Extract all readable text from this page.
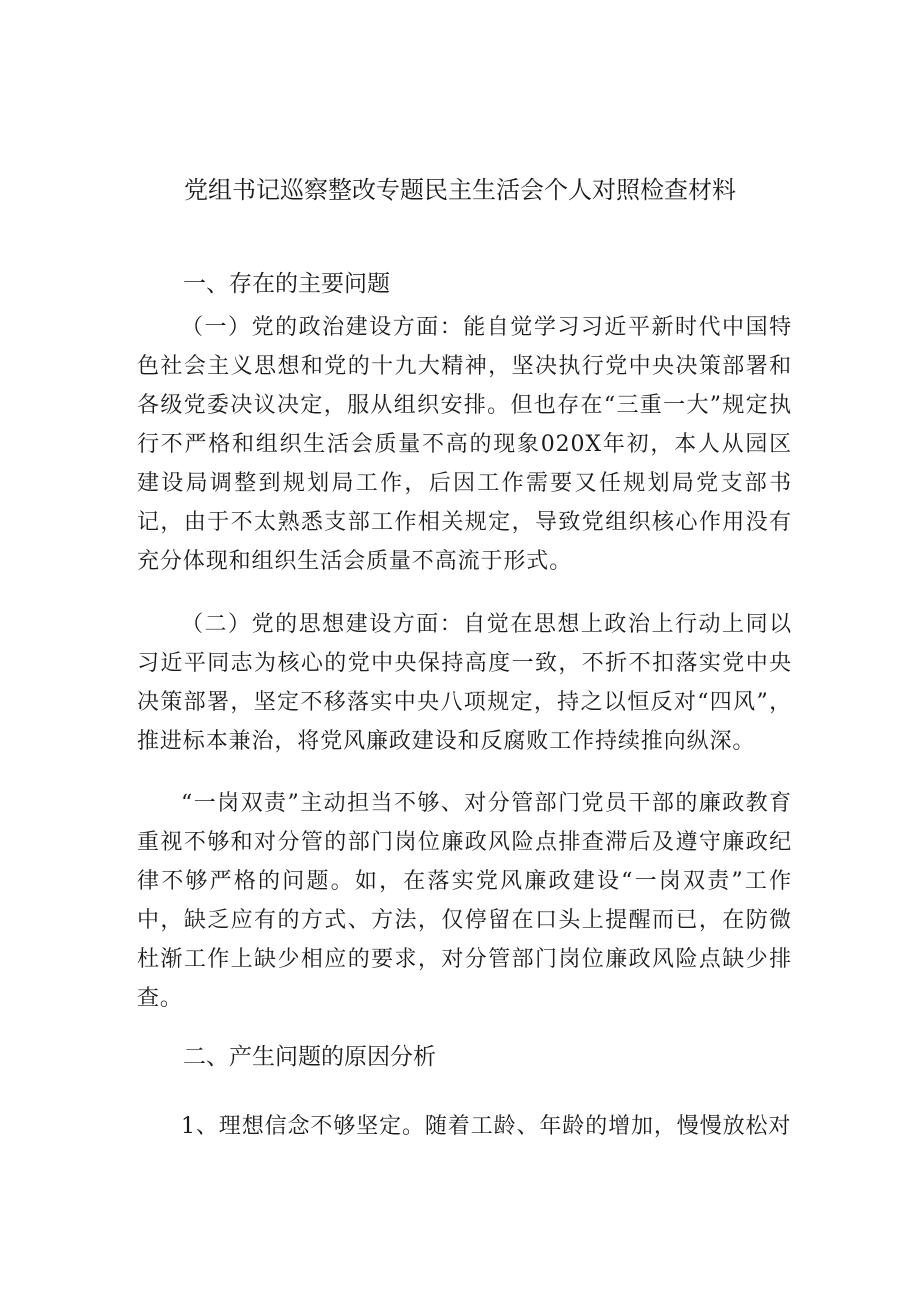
党组书记巡察整改专题民主生活会个人对照检查材料
一、存在的主要问题

（一）党的政治建设方面：能自觉学习习近平新时代中国特色社会主义思想和党的十九大精神，坚决执行党中央决策部署和各级党委决议决定，服从组织安排。但也存在“三重一大”规定执行不严格和组织生活会质量不高的现象020X年初，本人从园区建设局调整到规划局工作，后因工作需要又任规划局党支部书记，由于不太熟悉支部工作相关规定，导致党组织核心作用没有充分体现和组织生活会质量不高流于形式。

（二）党的思想建设方面：自觉在思想上政治上行动上同以习近平同志为核心的党中央保持高度一致，不折不扣落实党中央决策部署，坚定不移落实中央八项规定，持之以恒反对“四风”，推进标本兼治，将党风廉政建设和反腐败工作持续推向纵深。

“一岗双责”主动担当不够、对分管部门党员干部的廉政教育重视不够和对分管的部门岗位廉政风险点排查滞后及遵守廉政纪律不够严格的问题。如，在落实党风廉政建设“一岗双责”工作中，缺乏应有的方式、方法，仅停留在口头上提醒而已，在防微杜渐工作上缺少相应的要求，对分管部门岗位廉政风险点缺少排查。

二、产生问题的原因分析

1、理想信念不够坚定。随着工龄、年龄的增加，慢慢放松对
